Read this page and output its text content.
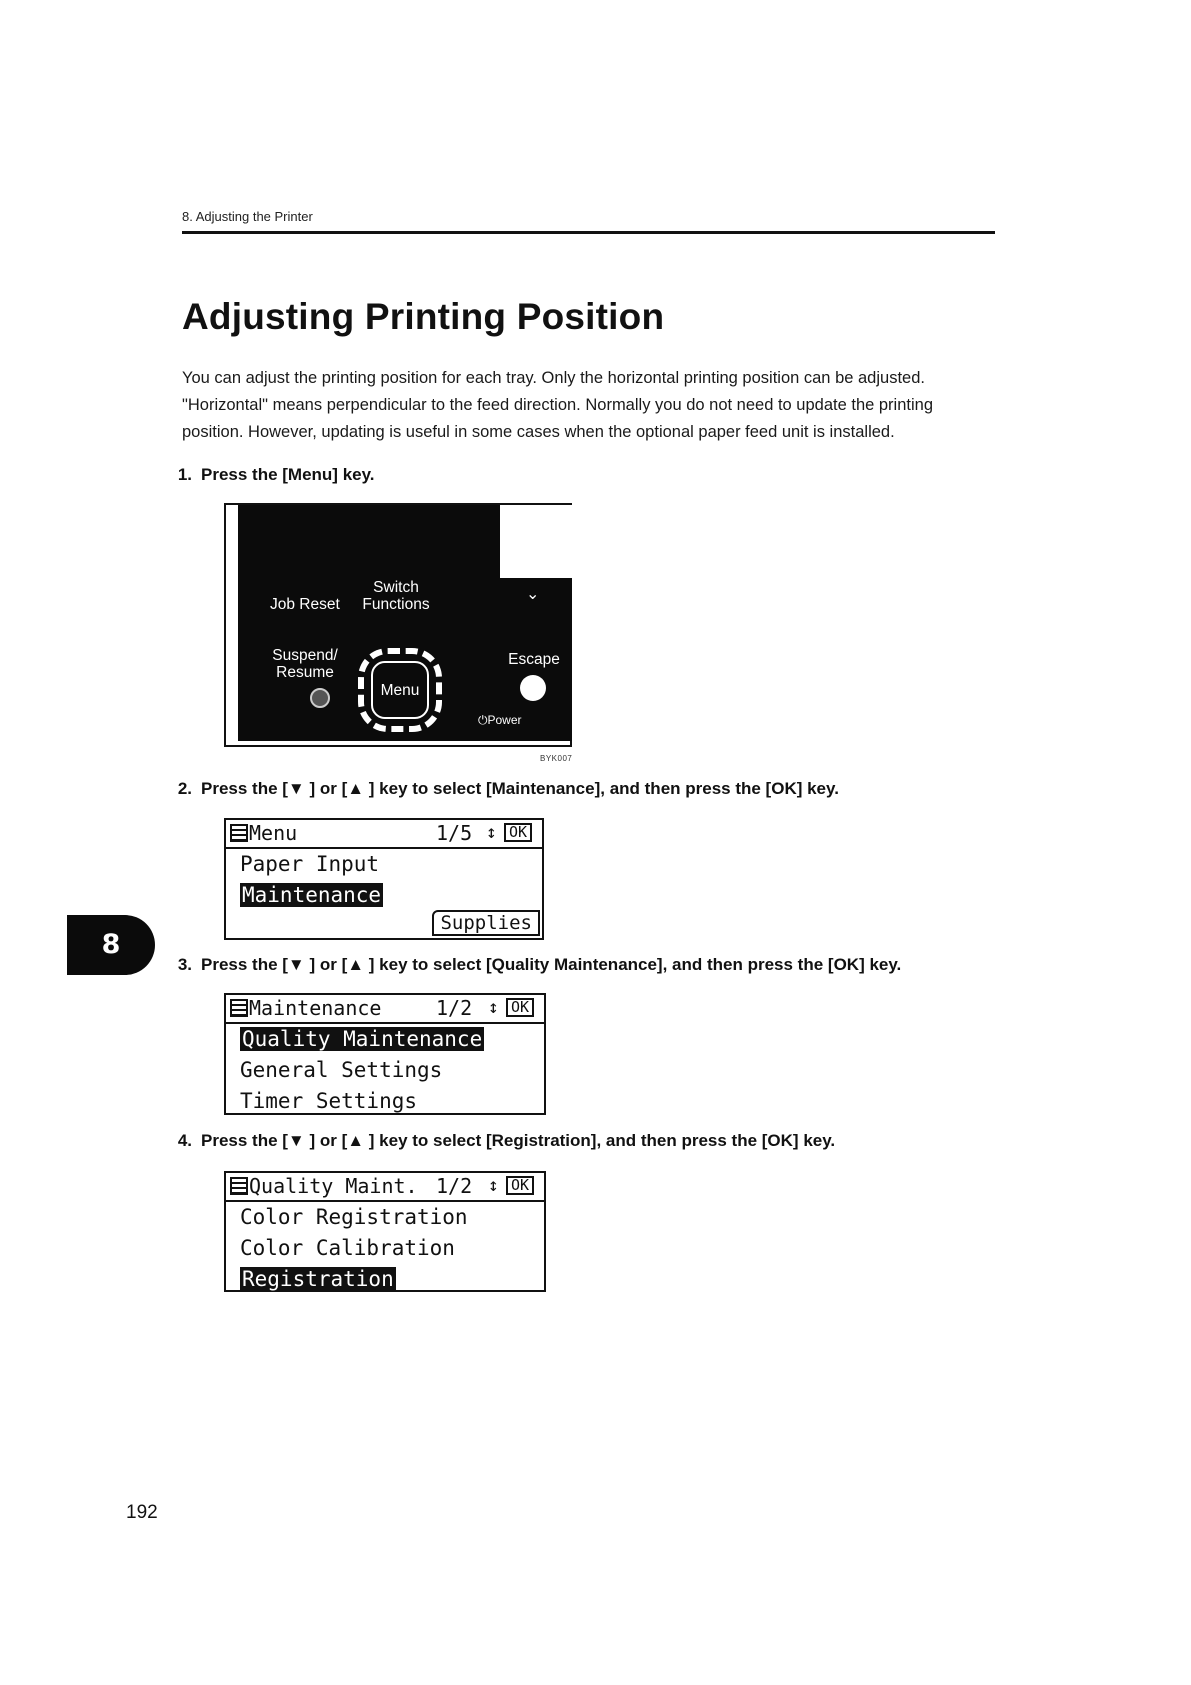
8. Adjusting the Printer
Adjusting Printing Position
You can adjust the printing position for each tray. Only the horizontal printing position can be adjusted.
"Horizontal" means perpendicular to the feed direction. Normally you do not need to update the printing
position. However, updating is useful in some cases when the optional paper feed unit is installed.
1. Press the [Menu] key.
Switch
Functions
Job Reset
⌄
Suspend/
Resume
Menu
Escape
⏻Power
BYK007
2. Press the [▼ ] or [▲ ] key to select [Maintenance], and then press the [OK] key.
Menu	1/5 ↕ OK
Paper Input
Maintenance
Supplies
3. Press the [▼ ] or [▲ ] key to select [Quality Maintenance], and then press the [OK] key.
Maintenance	1/2 ↕ OK
Quality Maintenance
General Settings
Timer Settings
4. Press the [▼ ] or [▲ ] key to select [Registration], and then press the [OK] key.
Quality Maint. 1/2 ↕ OK
Color Registration
Color Calibration
Registration
8
192
